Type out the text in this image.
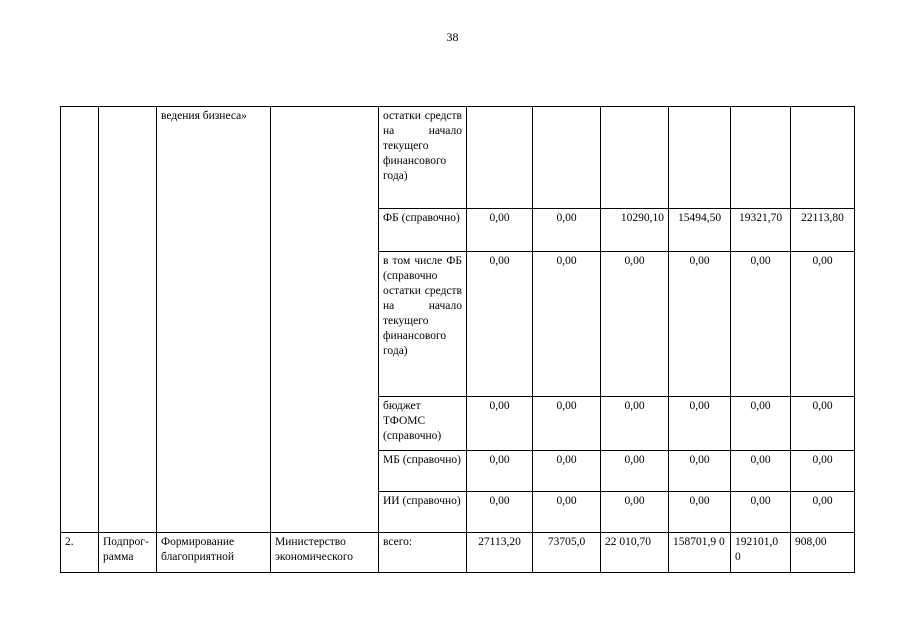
38
		ведения бизнеса»		остатки средств на начало текущего финансового года)						
				ФБ (справочно)	0,00	0,00	10290,10	15494,50	19321,70	22113,80
				в том числе ФБ (справочно остатки средств на начало текущего финансового года)	0,00	0,00	0,00	0,00	0,00	0,00
				бюджет ТФОМС (справочно)	0,00	0,00	0,00	0,00	0,00	0,00
				МБ (справочно)	0,00	0,00	0,00	0,00	0,00	0,00
				ИИ (справочно)	0,00	0,00	0,00	0,00	0,00	0,00
2.	Подпрог-рамма	Формирование благоприятной	Министерство экономического	всего:	27113,20	73705,0	22 010,70	158701,9 0	192101,0 0	908,00
